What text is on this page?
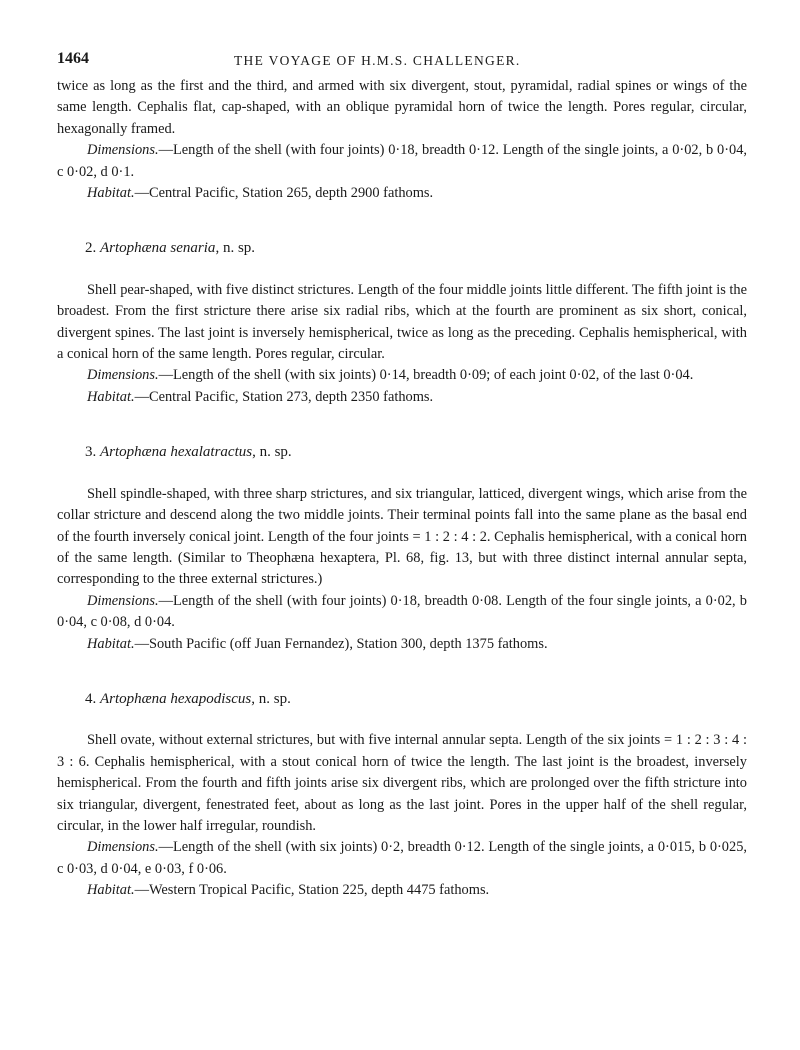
1464	THE VOYAGE OF H.M.S. CHALLENGER.

twice as long as the first and the third, and armed with six divergent, stout, pyramidal, radial spines or wings of the same length. Cephalis flat, cap-shaped, with an oblique pyramidal horn of twice the length. Pores regular, circular, hexagonally framed.

Dimensions.—Length of the shell (with four joints) 0·18, breadth 0·12. Length of the single joints, a 0·02, b 0·04, c 0·02, d 0·1.

Habitat.—Central Pacific, Station 265, depth 2900 fathoms.

2. Artophæna senaria, n. sp.

Shell pear-shaped, with five distinct strictures. Length of the four middle joints little different. The fifth joint is the broadest. From the first stricture there arise six radial ribs, which at the fourth are prominent as six short, conical, divergent spines. The last joint is inversely hemispherical, twice as long as the preceding. Cephalis hemispherical, with a conical horn of the same length. Pores regular, circular.

Dimensions.—Length of the shell (with six joints) 0·14, breadth 0·09; of each joint 0·02, of the last 0·04.

Habitat.—Central Pacific, Station 273, depth 2350 fathoms.

3. Artophæna hexalatractus, n. sp.

Shell spindle-shaped, with three sharp strictures, and six triangular, latticed, divergent wings, which arise from the collar stricture and descend along the two middle joints. Their terminal points fall into the same plane as the basal end of the fourth inversely conical joint. Length of the four joints = 1 : 2 : 4 : 2. Cephalis hemispherical, with a conical horn of the same length. (Similar to Theophæna hexaptera, Pl. 68, fig. 13, but with three distinct internal annular septa, corresponding to the three external strictures.)

Dimensions.—Length of the shell (with four joints) 0·18, breadth 0·08. Length of the four single joints, a 0·02, b 0·04, c 0·08, d 0·04.

Habitat.—South Pacific (off Juan Fernandez), Station 300, depth 1375 fathoms.

4. Artophæna hexapodiscus, n. sp.

Shell ovate, without external strictures, but with five internal annular septa. Length of the six joints = 1 : 2 : 3 : 4 : 3 : 6. Cephalis hemispherical, with a stout conical horn of twice the length. The last joint is the broadest, inversely hemispherical. From the fourth and fifth joints arise six divergent ribs, which are prolonged over the fifth stricture into six triangular, divergent, fenestrated feet, about as long as the last joint. Pores in the upper half of the shell regular, circular, in the lower half irregular, roundish.

Dimensions.—Length of the shell (with six joints) 0·2, breadth 0·12. Length of the single joints, a 0·015, b 0·025, c 0·03, d 0·04, e 0·03, f 0·06.

Habitat.—Western Tropical Pacific, Station 225, depth 4475 fathoms.
